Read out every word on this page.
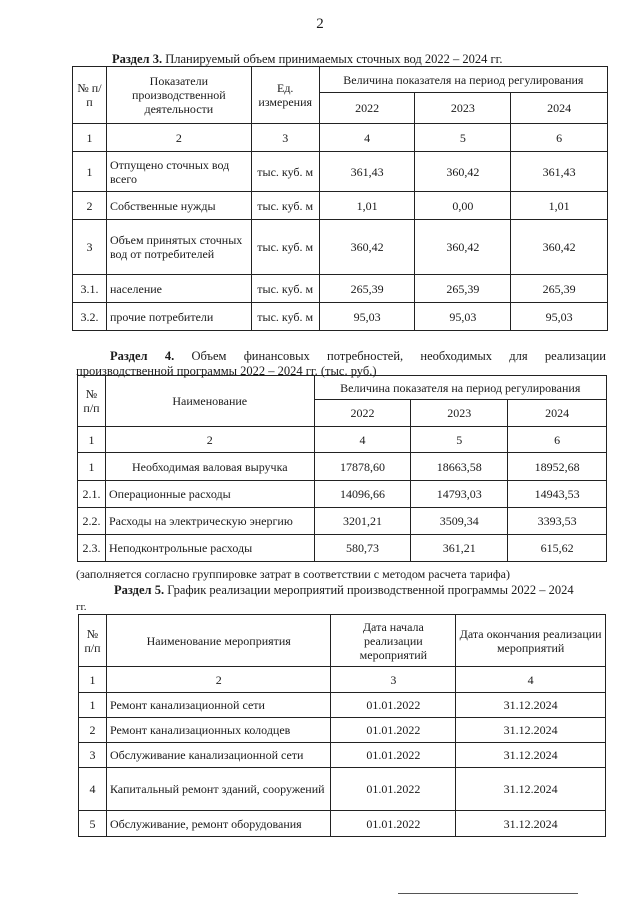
2
Раздел 3. Планируемый объем принимаемых сточных вод 2022 – 2024 гг.
№ п/п	Показатели производственной деятельности	Ед. измерения	Величина показателя на период регулирования		
			2022	2023	2024
1	2	3	4	5	6
1	Отпущено сточных вод всего	тыс. куб. м	361,43	360,42	361,43
2	Собственные нужды	тыс. куб. м	1,01	0,00	1,01
3	Объем принятых сточных вод от потребителей	тыс. куб. м	360,42	360,42	360,42
3.1.	население	тыс. куб. м	265,39	265,39	265,39
3.2.	прочие потребители	тыс. куб. м	95,03	95,03	95,03
Раздел 4. Объем финансовых потребностей, необходимых для реализации производственной программы 2022 – 2024 гг. (тыс. руб.)
№ п/п	Наименование	Величина показателя на период регулирования		
		2022	2023	2024
1	2	4	5	6
1	Необходимая валовая выручка	17878,60	18663,58	18952,68
2.1.	Операционные расходы	14096,66	14793,03	14943,53
2.2.	Расходы на электрическую энергию	3201,21	3509,34	3393,53
2.3.	Неподконтрольные расходы	580,73	361,21	615,62
(заполняется согласно группировке затрат в соответствии с методом расчета тарифа)
Раздел 5. График реализации мероприятий производственной программы 2022 – 2024
гг.
№ п/п	Наименование мероприятия	Дата начала реализации мероприятий	Дата окончания реализации мероприятий
1	2	3	4
1	Ремонт канализационной сети	01.01.2022	31.12.2024
2	Ремонт канализационных колодцев	01.01.2022	31.12.2024
3	Обслуживание канализационной сети	01.01.2022	31.12.2024
4	Капитальный ремонт зданий, сооружений	01.01.2022	31.12.2024
5	Обслуживание, ремонт оборудования	01.01.2022	31.12.2024
